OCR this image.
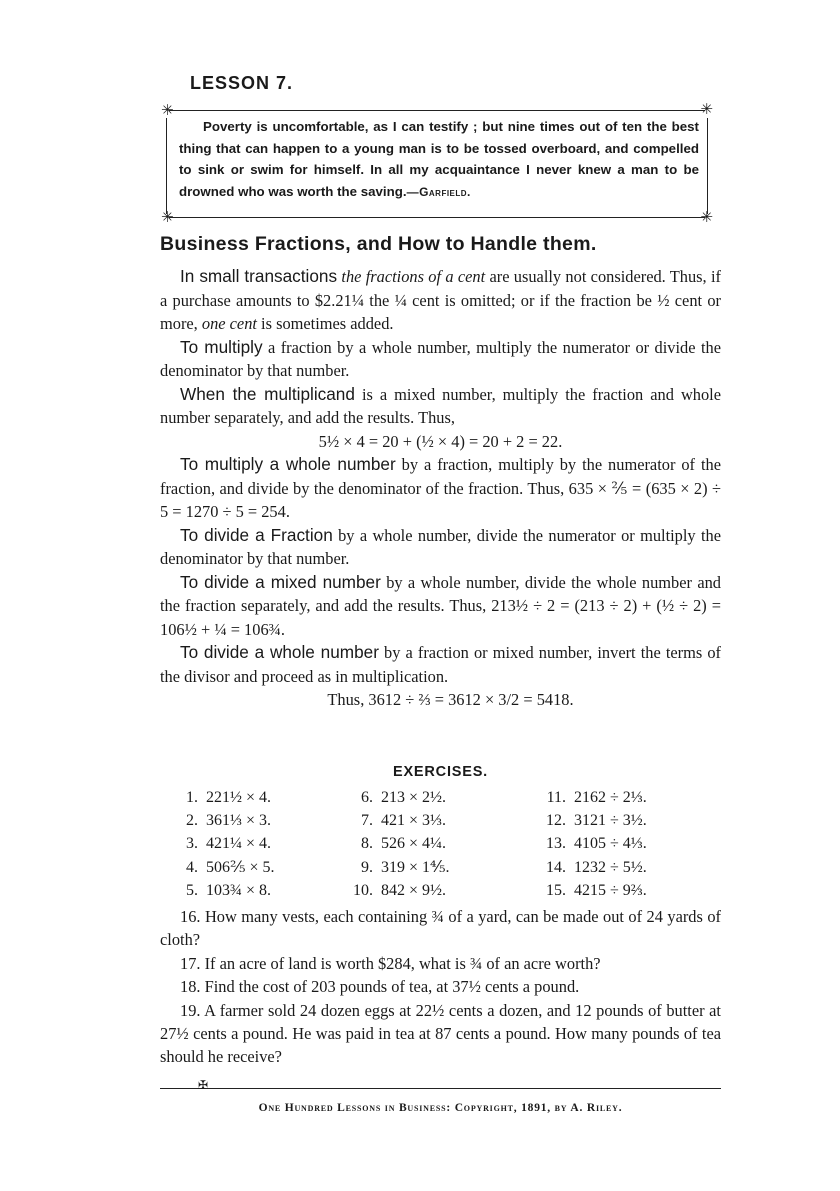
LESSON 7.
✳	✳
✳	✳
Poverty is uncomfortable, as I can testify ; but nine times out of ten the best thing that can happen to a young man is to be tossed overboard, and compelled to sink or swim for himself. In all my acquaintance I never knew a man to be drowned who was worth the saving.—Garfield.
Business Fractions, and How to Handle them.

In small transactions the fractions of a cent are usually not considered. Thus, if a purchase amounts to $2.21¼ the ¼ cent is omitted; or if the fraction be ½ cent or more, one cent is sometimes added.

To multiply a fraction by a whole number, multiply the numerator or divide the denominator by that number.

When the multiplicand is a mixed number, multiply the fraction and whole number separately, and add the results. Thus,

5½ × 4 = 20 + (½ × 4) = 20 + 2 = 22.

To multiply a whole number by a fraction, multiply by the numerator of the fraction, and divide by the denominator of the fraction. Thus, 635 × ⅖ = (635 × 2) ÷ 5 = 1270 ÷ 5 = 254.

To divide a Fraction by a whole number, divide the numerator or multiply the denominator by that number.

To divide a mixed number by a whole number, divide the whole number and the fraction separately, and add the results. Thus, 213½ ÷ 2 = (213 ÷ 2) + (½ ÷ 2) = 106½ + ¼ = 106¾.

To divide a whole number by a fraction or mixed number, invert the terms of the divisor and proceed as in multiplication.

Thus, 3612 ÷ ⅔ = 3612 × 3/2 = 5418.

EXERCISES.
1. 221½ × 4.
2. 361⅓ × 3.
3. 421¼ × 4.
4. 506⅖ × 5.
5. 103¾ × 8.
6. 213 × 2½.
7. 421 × 3⅓.
8. 526 × 4¼.
9. 319 × 1⅘.
10. 842 × 9½.
11. 2162 ÷ 2⅓.
12. 3121 ÷ 3½.
13. 4105 ÷ 4⅓.
14. 1232 ÷ 5½.
15. 4215 ÷ 9⅔.

16. How many vests, each containing ¾ of a yard, can be made out of 24 yards of cloth?

17. If an acre of land is worth $284, what is ¾ of an acre worth?

18. Find the cost of 203 pounds of tea, at 37½ cents a pound.

19. A farmer sold 24 dozen eggs at 22½ cents a dozen, and 12 pounds of butter at 27½ cents a pound. He was paid in tea at 87 cents a pound. How many pounds of tea should he receive?

✠
One Hundred Lessons in Business: Copyright, 1891, by A. Riley.
